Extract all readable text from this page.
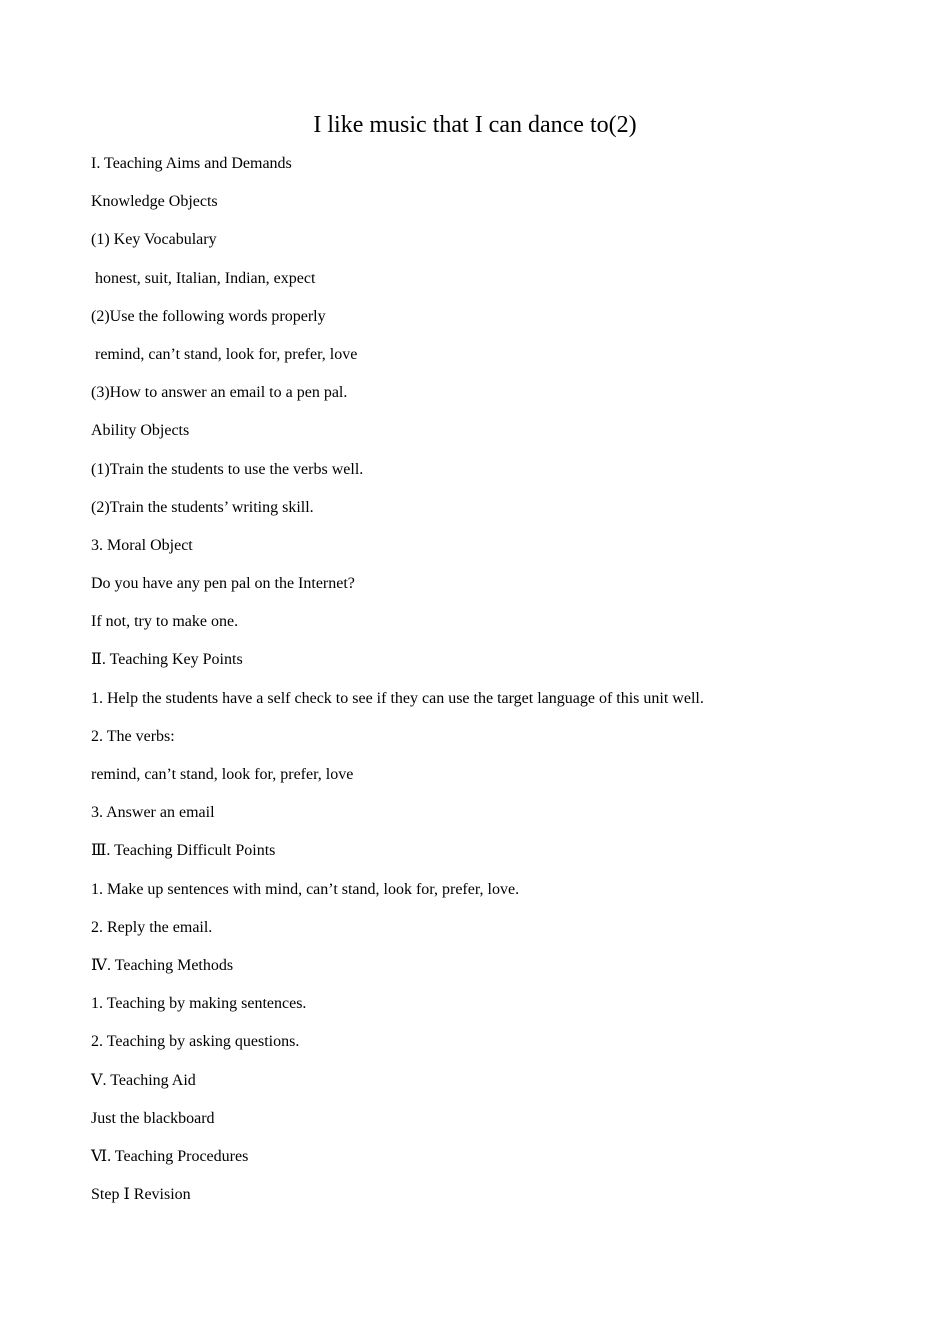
I like music that I can dance to(2)
I. Teaching Aims and Demands
Knowledge Objects
(1) Key Vocabulary
honest, suit, Italian, Indian, expect
(2)Use the following words properly
remind, can’t stand, look for, prefer, love
(3)How to answer an email to a pen pal.
Ability Objects
(1)Train the students to use the verbs well.
(2)Train the students’ writing skill.
3. Moral Object
Do you have any pen pal on the Internet?
If not, try to make one.
Ⅱ. Teaching Key Points
1. Help the students have a self check to see if they can use the target language of this unit well.
2. The verbs:
remind, can’t stand, look for, prefer, love
3. Answer an email
Ⅲ. Teaching Difficult Points
1. Make up sentences with mind, can’t stand, look for, prefer, love.
2. Reply the email.
Ⅳ. Teaching Methods
1. Teaching by making sentences.
2. Teaching by asking questions.
Ⅴ. Teaching Aid
Just the blackboard
Ⅵ. Teaching Procedures
Step Ⅰ Revision
